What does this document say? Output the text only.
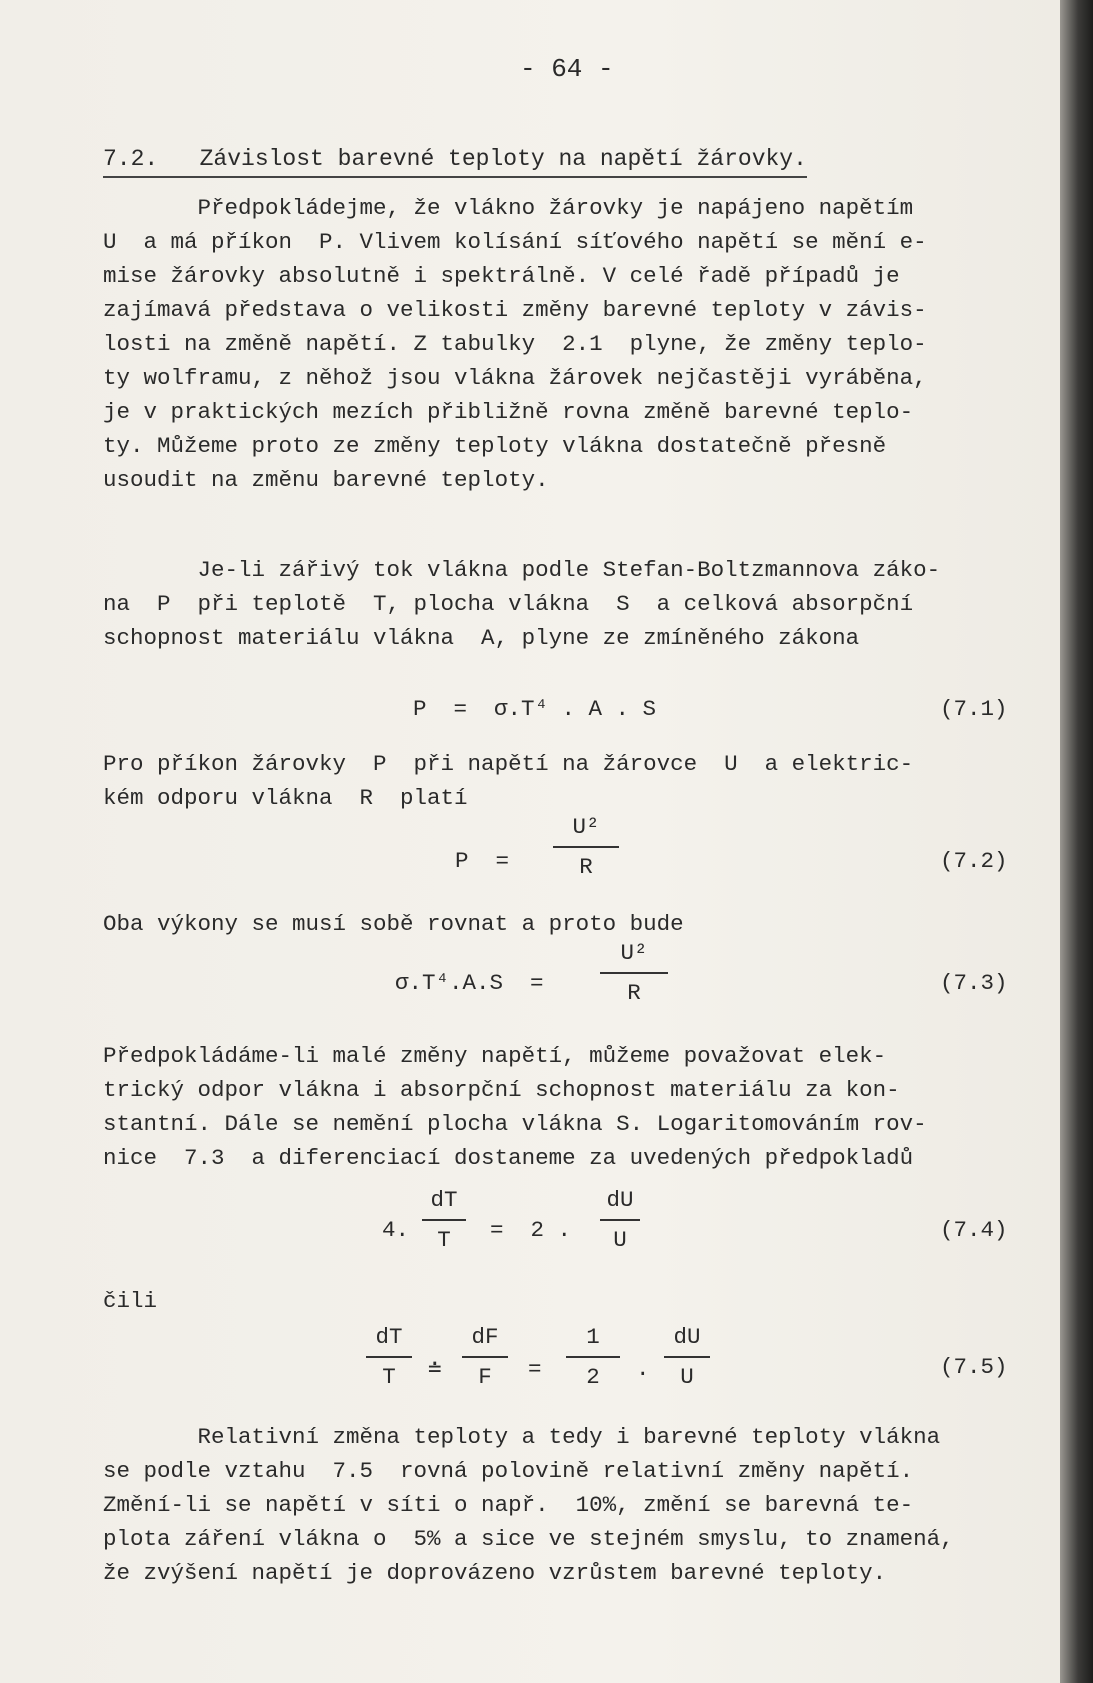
- 64 -
7.2.   Závislost barevné teploty na napětí žárovky.
Předpokládejme, že vlákno žárovky je napájeno napětím
U  a má příkon  P. Vlivem kolísání síťového napětí se mění e-
mise žárovky absolutně i spektrálně. V celé řadě případů je
zajímavá představa o velikosti změny barevné teploty v závis-
losti na změně napětí. Z tabulky  2.1  plyne, že změny teplo-
ty wolframu, z něhož jsou vlákna žárovek nejčastěji vyráběna,
je v praktických mezích přibližně rovna změně barevné teplo-
ty. Můžeme proto ze změny teploty vlákna dostatečně přesně
usoudit na změnu barevné teploty.
Je-li zářivý tok vlákna podle Stefan-Boltzmannova záko-
na  P  při teplotě  T, plocha vlákna  S  a celková absorpční
schopnost materiálu vlákna  A, plyne ze zmíněného zákona
P  =  σ.T⁴ . A . S	(7.1)
Pro příkon žárovky  P  při napětí na žárovce  U  a elektric-
kém odporu vlákna  R  platí
P  =
U²
R	(7.2)
Oba výkony se musí sobě rovnat a proto bude
σ.T⁴.A.S  =
U²
R	(7.3)
Předpokládáme-li malé změny napětí, můžeme považovat elek-
trický odpor vlákna i absorpční schopnost materiálu za kon-
stantní. Dále se nemění plocha vlákna S. Logaritomováním rov-
nice  7.3  a diferenciací dostaneme za uvedených předpokladů
4.
dT
T	=  2 .
dU
U	(7.4)
čili
dT
T	≐
dF
F	=
1
2	.
dU
U	(7.5)
Relativní změna teploty a tedy i barevné teploty vlákna
se podle vztahu  7.5  rovná polovině relativní změny napětí.
Změní-li se napětí v síti o např.  10%, změní se barevná te-
plota záření vlákna o  5% a sice ve stejném smyslu, to znamená,
že zvýšení napětí je doprovázeno vzrůstem barevné teploty.
